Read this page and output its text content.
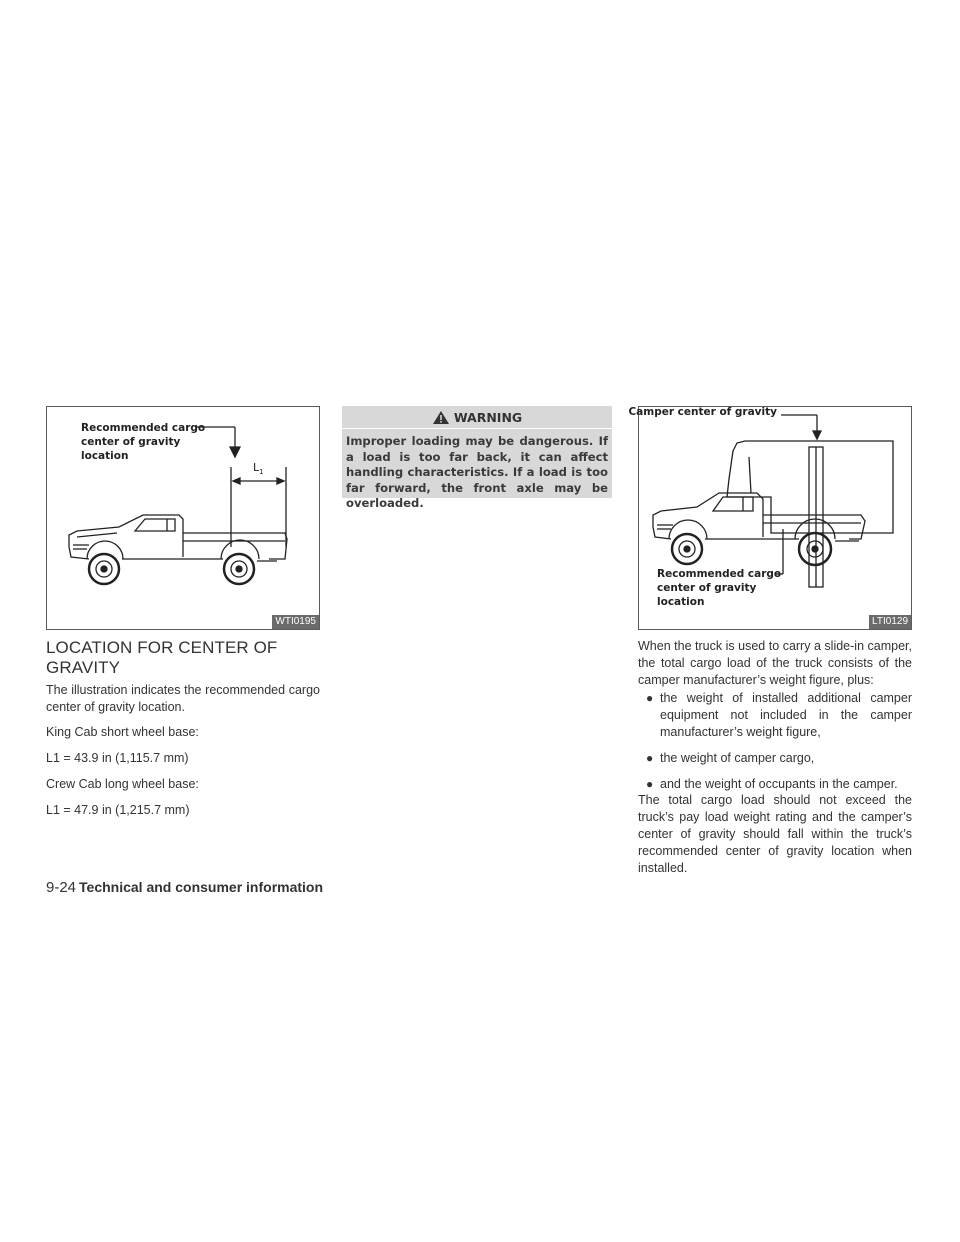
Recommended cargo
center of gravity
location
$L_1$
WTI0195
LOCATION FOR CENTER OF GRAVITY

The illustration indicates the recommended cargo center of gravity location.

King Cab short wheel base:

L1 = 43.9 in (1,115.7 mm)

Crew Cab long wheel base:

L1 = 47.9 in (1,215.7 mm)

WARNING

Improper loading may be dangerous. If a load is too far back, it can affect handling characteristics. If a load is too far forward, the front axle may be overloaded.

Camper center of gravity
Recommended cargo
center of gravity
location
LTI0129

When the truck is used to carry a slide-in camper, the total cargo load of the truck consists of the camper manufacturer’s weight figure, plus:

● the weight of installed additional camper equipment not included in the camper manufacturer’s weight figure,
● the weight of camper cargo,
● and the weight of occupants in the camper.

The total cargo load should not exceed the truck’s pay load weight rating and the camper’s center of gravity should fall within the truck’s recommended center of gravity location when installed.

9-24 Technical and consumer information
